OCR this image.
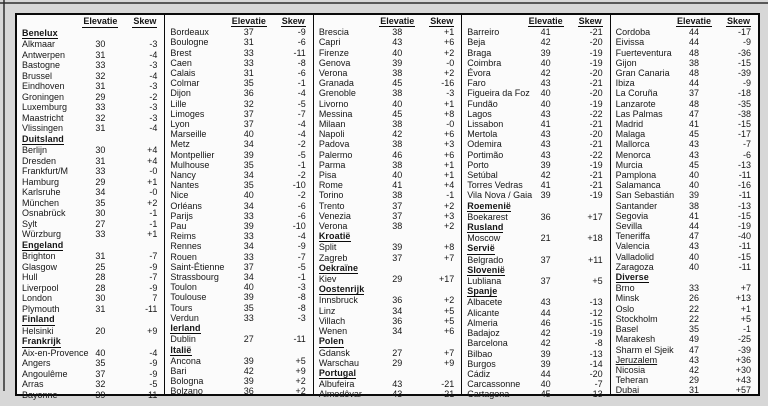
Elevatie	Skew
Benelux
Alkmaar	30	-3
Antwerpen	31	-4
Bastogne	33	-3
Brussel	32	-4
Eindhoven	31	-3
Groningen	29	-2
Luxemburg	33	-3
Maastricht	32	-3
Vlissingen	31	-4
Duitsland
Berlijn	30	+4
Dresden	31	+4
Frankfurt/M	33	-0
Hamburg	29	+1
Karlsruhe	34	-0
München	35	+2
Osnabrück	30	-1
Sylt	27	-1
Würzburg	33	+1
Engeland
Brighton	31	-7
Glasgow	25	-9
Hull	28	-7
Liverpool	28	-9
London	30	7
Plymouth	31	-11
Finland
Helsinki	20	+9
Frankrijk
Aix-en-Provence 40	-4
Angers	35	-9
Angoulême	37	-9
Arras	32	-5
Bayonne	39	-11
Elevatie	Skew
Bordeaux	37	-9
Boulogne	31	-6
Brest	33	-11
Caen	33	-8
Calais	31	-6
Colmar	35	-1
Dijon	36	-4
Lille	32	-5
Limoges	37	-7
Lyon	37	-4
Marseille	40	-4
Metz	34	-2
Montpellier	39	-5
Mulhouse	35	-1
Nancy	34	-2
Nantes	35	-10
Nice	40	-2
Orléans	34	-6
Parijs	33	-6
Pau	39	-10
Reims	33	-4
Rennes	34	-9
Rouen	33	-7
Saint-Étienne	37	-5
Strassbourg	34	-1
Toulon	40	-3
Toulouse	39	-8
Tours	35	-8
Verdun	33	-3
Ierland
Dublin	27	-11
Italië
Ancona	39	+5
Bari	42	+9
Bologna	39	+2
Bolzano	36	+2
Elevatie	Skew
Brescia	38	+1
Capri	43	+6
Firenze	40	+2
Genova	39	-0
Verona	38	+2
Granada	45	-16
Grenoble	38	-3
Livorno	40	+1
Messina	45	+8
Milaan	38	-0
Napoli	42	+6
Padova	38	+3
Palermo	46	+6
Parma	38	+1
Pisa	40	+1
Rome	41	+4
Torino	38	-1
Trento	37	+2
Venezia	37	+3
Verona	38	+2
Kroatië
Split	39	+8
Zagreb	37	+7
Oekraïne
Kiev	29	+17
Oostenrijk
Innsbruck	36	+2
Linz	34	+5
Villach	36	+5
Wenen	34	+6
Polen
Gdansk	27	+7
Warschau	29	+9
Portugal
Albufeira	43	-21
Almodôvar	43	-21
Elevatie	Skew
Barreiro	41	-21
Beja	42	-20
Braga	39	-19
Coimbra	40	-19
Évora	42	-20
Faro	43	-21
Figueira da Foz	40	-20
Fundão	40	-19
Lagos	43	-22
Lissabon	41	-21
Mertola	43	-20
Odemira	43	-21
Portimão	43	-22
Porto	39	-19
Setúbal	42	-21
Torres Vedras	41	-21
Vila Nova / Gaia 39	-19
Roemenië
Boekarest	36	+17
Rusland
Moscow	21	+18
Servië
Belgrado	37	+11
Slovenië
Lubliana	37	+5
Spanje
Albacete	43	-13
Alicante	44	-12
Almeria	46	-15
Badajoz	42	-19
Barcelona	42	-8
Bilbao	39	-13
Burgos	39	-14
Cádiz	44	-20
Carcassonne	40	-7
Cartagena	45	-13
Elevatie	Skew
Cordoba	44	-17
Eivissa	44	-9
Fuerteventura	48	-36
Gijon	38	-15
Gran Canaria	48	-39
Ibiza	44	-9
La Coruña	37	-18
Lanzarote	48	-35
Las Palmas	47	-38
Madrid	41	-15
Malaga	45	-17
Mallorca	43	-7
Menorca	43	-6
Murcia	45	-13
Pamplona	40	-11
Salamanca	40	-16
San Sebastián	39	-11
Santander	38	-13
Segovia	41	-15
Sevilla	44	-19
Teneriffa	47	-40
Valencia	43	-11
Valladolid	40	-15
Zaragoza	40	-11
Diverse
Brno	33	+7
Minsk	26	+13
Oslo	22	+1
Stockholm	22	+5
Basel	35	-1
Marakesh	49	-25
Sharm el Sjeik	47	-39
Jeruzalem	43	+36
Nicosia	42	+30
Teheran	29	+43
Dubai	31	+57
